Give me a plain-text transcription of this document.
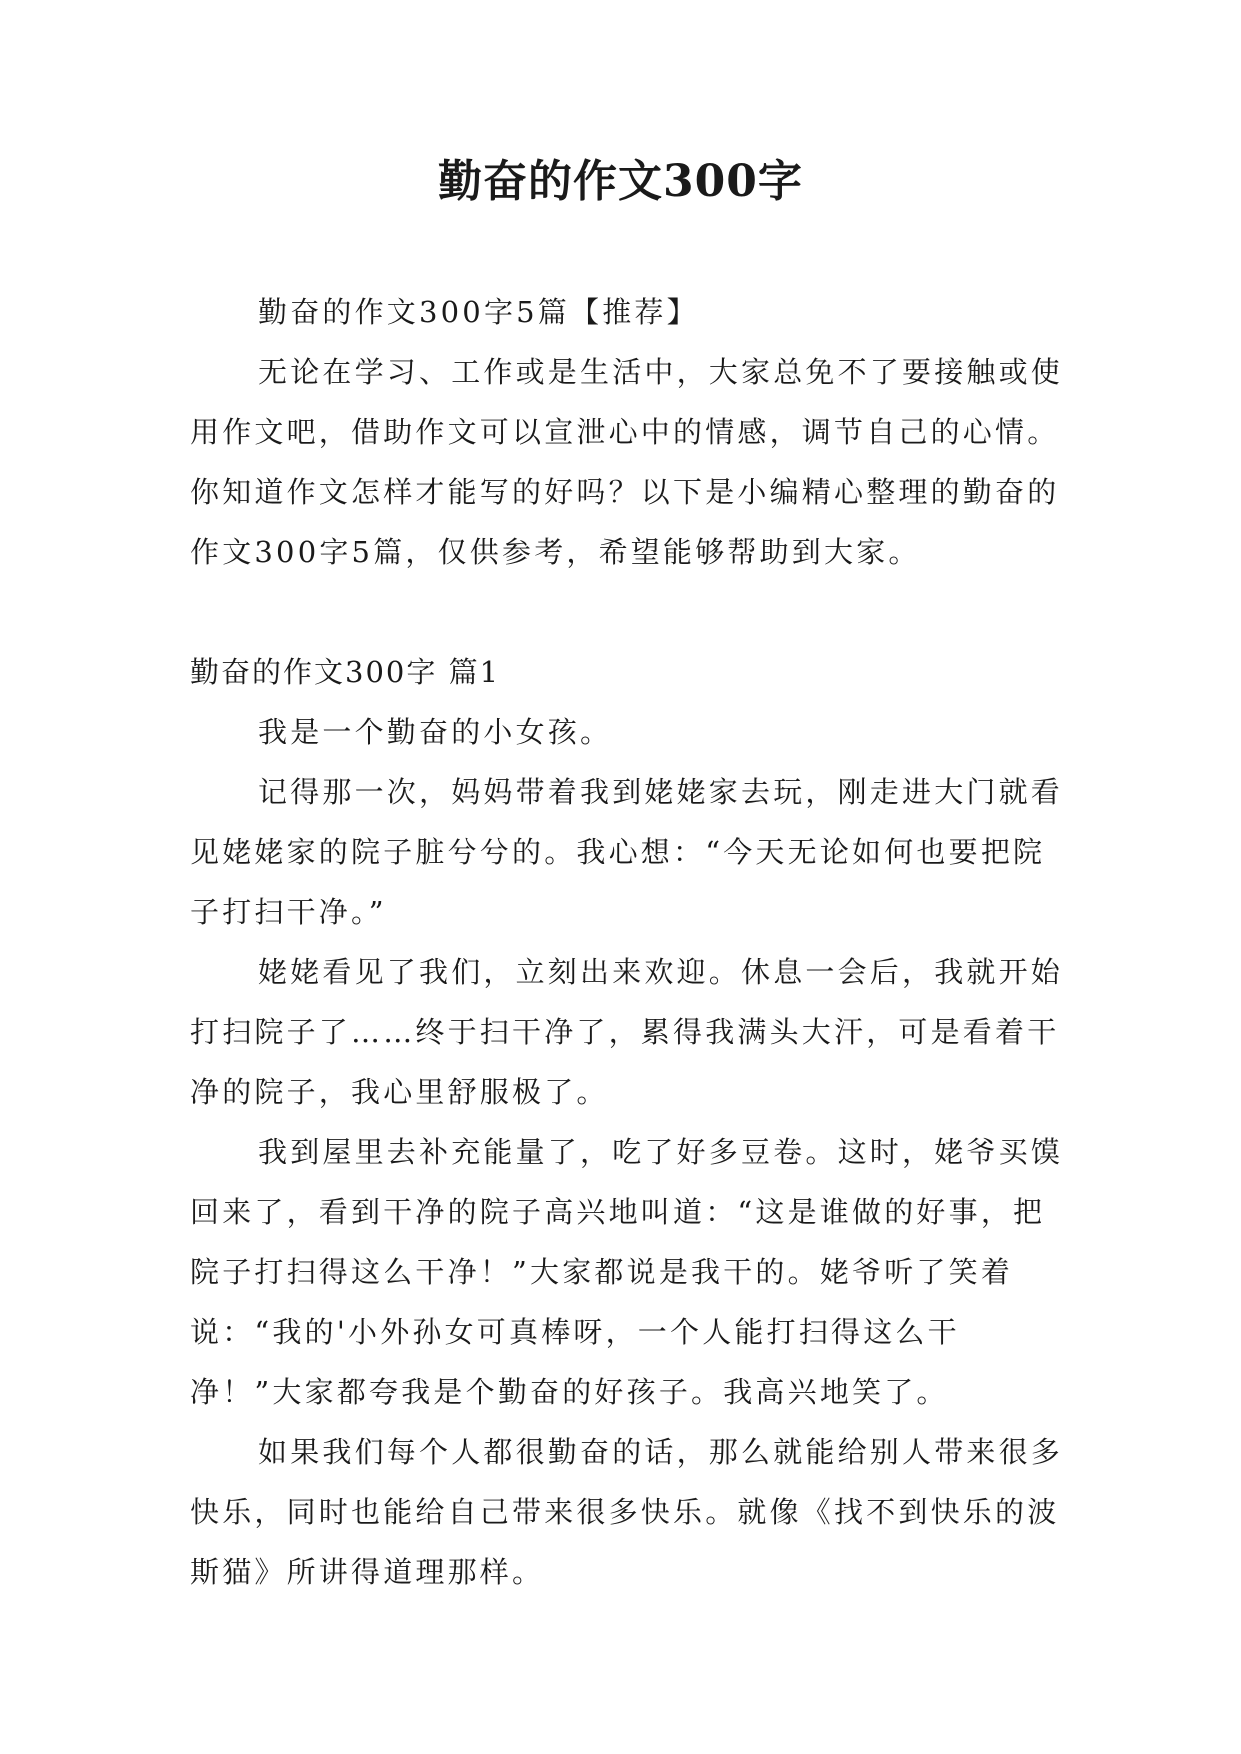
勤奋的作文300字

勤奋的作文300字5篇【推荐】

无论在学习、工作或是生活中，大家总免不了要接触或使用作文吧，借助作文可以宣泄心中的情感，调节自己的心情。你知道作文怎样才能写的好吗？以下是小编精心整理的勤奋的作文300字5篇，仅供参考，希望能够帮助到大家。

勤奋的作文300字 篇1

我是一个勤奋的小女孩。

记得那一次，妈妈带着我到姥姥家去玩，刚走进大门就看见姥姥家的院子脏兮兮的。我心想：“今天无论如何也要把院子打扫干净。”

姥姥看见了我们，立刻出来欢迎。休息一会后，我就开始打扫院子了……终于扫干净了，累得我满头大汗，可是看着干净的院子，我心里舒服极了。

我到屋里去补充能量了，吃了好多豆卷。这时，姥爷买馍回来了，看到干净的院子高兴地叫道：“这是谁做的好事，把院子打扫得这么干净！”大家都说是我干的。姥爷听了笑着说：“我的'小外孙女可真棒呀，一个人能打扫得这么干净！”大家都夸我是个勤奋的好孩子。我高兴地笑了。

如果我们每个人都很勤奋的话，那么就能给别人带来很多快乐，同时也能给自己带来很多快乐。就像《找不到快乐的波斯猫》所讲得道理那样。
